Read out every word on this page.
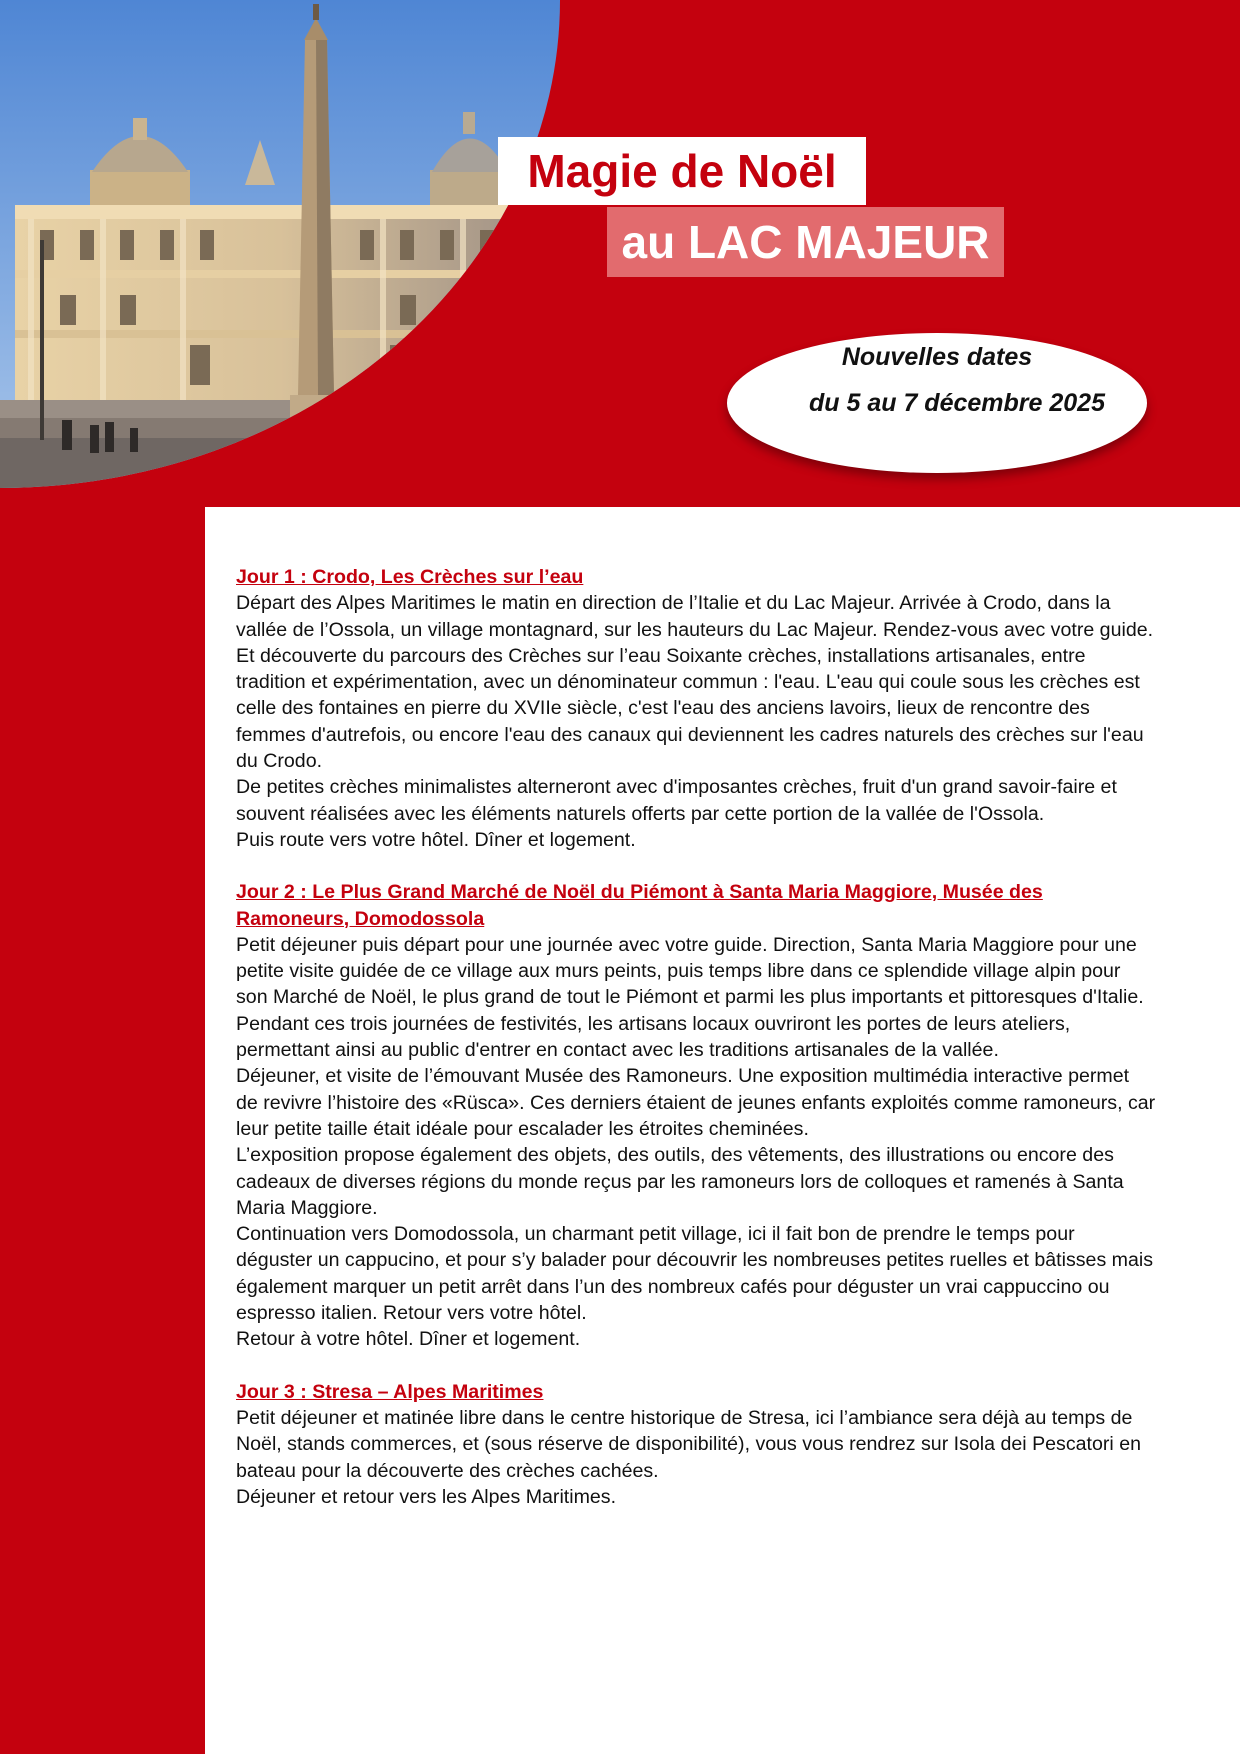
Magie de Noël
au LAC MAJEUR
Nouvelles dates
du 5 au 7 décembre 2025
Jour 1 : Crodo, Les Crèches sur l’eau

Départ des Alpes Maritimes le matin en direction de l’Italie et du Lac Majeur. Arrivée à Crodo, dans la vallée de l’Ossola, un village montagnard, sur les hauteurs du Lac Majeur. Rendez-vous avec votre guide.

Et découverte du parcours des Crèches sur l’eau Soixante crèches, installations artisanales, entre tradition et expérimentation, avec un dénominateur commun : l'eau. L'eau qui coule sous les crèches est celle des fontaines en pierre du XVIIe siècle, c'est l'eau des anciens lavoirs, lieux de rencontre des femmes d'autrefois, ou encore l'eau des canaux qui deviennent les cadres naturels des crèches sur l'eau du Crodo.

De petites crèches minimalistes alterneront avec d'imposantes crèches, fruit d'un grand savoir-faire et souvent réalisées avec les éléments naturels offerts par cette portion de la vallée de l'Ossola.

Puis route vers votre hôtel. Dîner et logement.

Jour 2 : Le Plus Grand Marché de Noël du Piémont à Santa Maria Maggiore, Musée des Ramoneurs, Domodossola

Petit déjeuner puis départ pour une journée avec votre guide. Direction, Santa Maria Maggiore pour une petite visite guidée de ce village aux murs peints, puis temps libre dans ce splendide village alpin pour son Marché de Noël, le plus grand de tout le Piémont et parmi les plus importants et pittoresques d'Italie.

Pendant ces trois journées de festivités, les artisans locaux ouvriront les portes de leurs ateliers, permettant ainsi au public d'entrer en contact avec les traditions artisanales de la vallée.

Déjeuner, et visite de l’émouvant Musée des Ramoneurs. Une exposition multimédia interactive permet de revivre l’histoire des «Rüsca». Ces derniers étaient de jeunes enfants exploités comme ramoneurs, car leur petite taille était idéale pour escalader les étroites cheminées.

L’exposition propose également des objets, des outils, des vêtements, des illustrations ou encore des cadeaux de diverses régions du monde reçus par les ramoneurs lors de colloques et ramenés à Santa Maria Maggiore.

Continuation vers Domodossola, un charmant petit village, ici il fait bon de prendre le temps pour déguster un cappucino, et pour s’y balader pour découvrir les nombreuses petites ruelles et bâtisses mais également marquer un petit arrêt dans l’un des nombreux cafés pour déguster un vrai cappuccino ou espresso italien. Retour vers votre hôtel.

Retour à votre hôtel. Dîner et logement.

Jour 3 : Stresa – Alpes Maritimes

Petit déjeuner et matinée libre dans le centre historique de Stresa, ici l’ambiance sera déjà au temps de Noël, stands commerces, et (sous réserve de disponibilité), vous vous rendrez sur Isola dei Pescatori en bateau pour la découverte des crèches cachées.

Déjeuner et retour vers les Alpes Maritimes.
